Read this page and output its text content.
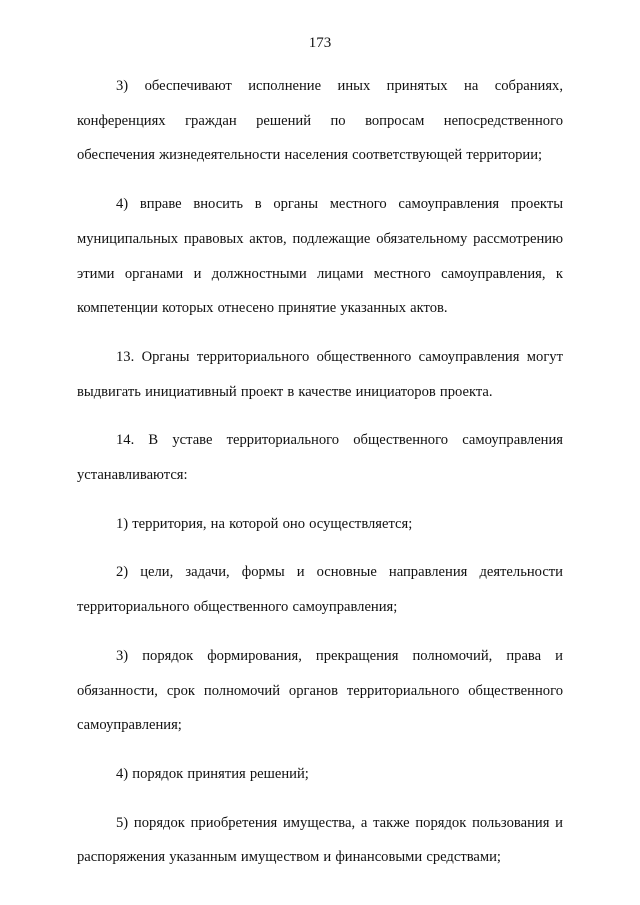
173

3) обеспечивают исполнение иных принятых на собраниях, конференциях граждан решений по вопросам непосредственного обеспечения жизнедеятельности населения соответствующей территории;

4) вправе вносить в органы местного самоуправления проекты муниципальных правовых актов, подлежащие обязательному рассмотрению этими органами и должностными лицами местного самоуправления, к компетенции которых отнесено принятие указанных актов.

13. Органы территориального общественного самоуправления могут выдвигать инициативный проект в качестве инициаторов проекта.

14. В уставе территориального общественного самоуправления устанавливаются:

1) территория, на которой оно осуществляется;

2) цели, задачи, формы и основные направления деятельности территориального общественного самоуправления;

3) порядок формирования, прекращения полномочий, права и обязанности, срок полномочий органов территориального общественного самоуправления;

4) порядок принятия решений;

5) порядок приобретения имущества, а также порядок пользования и распоряжения указанным имуществом и финансовыми средствами;
